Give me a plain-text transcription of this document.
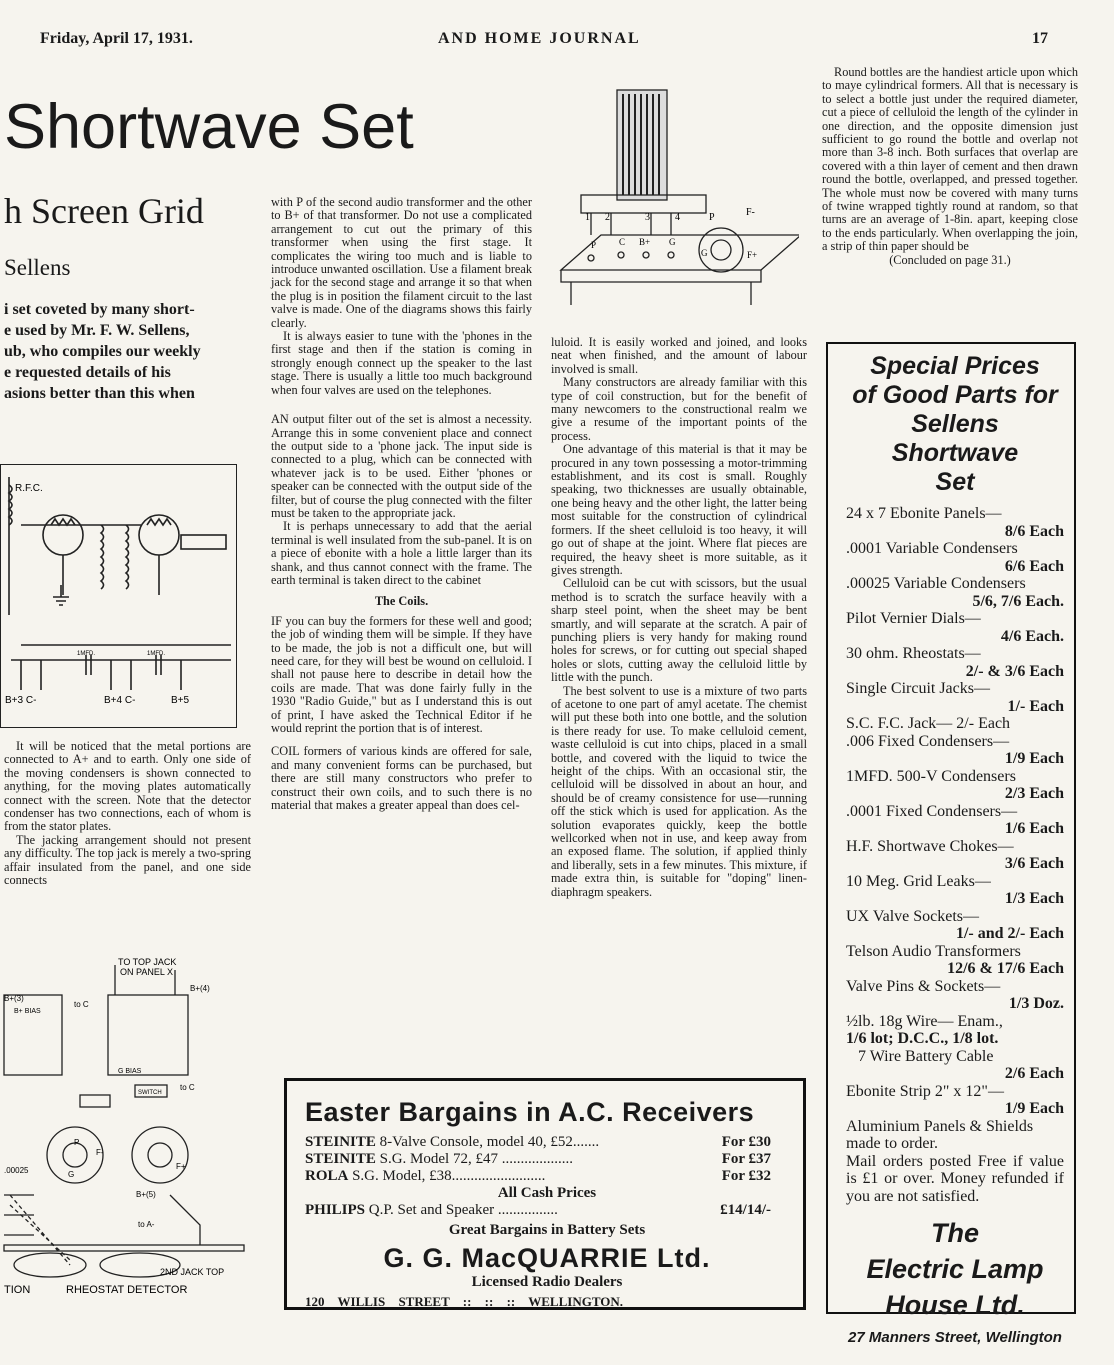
Friday, April 17, 1931.	AND HOME JOURNAL	17
Shortwave Set
h Screen Grid
Sellens
i set coveted by many short-
e used by Mr. F. W. Sellens,
ub, who compiles our weekly
e requested details of his
asions better than this when
R.F.C.
B+3 C-	B+4 C-	B+5
1MFD.	1MFD.

It will be noticed that the metal portions are connected to A+ and to earth. Only one side of the moving condensers is shown connected to anything, for the moving plates automatically connect with the screen. Note that the detector condenser has two connections, each of whom is from the stator plates.

The jacking arrangement should not present any difficulty. The top jack is merely a two-spring affair insulated from the panel, and one side connects

TO TOP JACK
ON PANEL X
B+(3)
B+(4)
to C
B+ BIAS
G BIAS
to C
B+(5)
to A-
2ND JACK TOP
TION	RHEOSTAT DETECTOR
.00025
SWITCH
P
F-
F+
G

with P of the second audio transformer and the other to B+ of that transformer. Do not use a complicated arrangement to cut out the primary of this transformer when using the first stage. It complicates the wiring too much and is liable to introduce unwanted oscillation. Use a filament break jack for the second stage and arrange it so that when the plug is in position the filament circuit to the last valve is made. One of the diagrams shows this fairly clearly.

It is always easier to tune with the 'phones in the first stage and then if the station is coming in strongly enough connect up the speaker to the last stage. There is usually a little too much background when four valves are used on the telephones.

AN output filter out of the set is almost a necessity. Arrange this in some convenient place and connect the output side to a 'phone jack. The input side is connected to a plug, which can be connected with whatever jack is to be used. Either 'phones or speaker can be connected with the output side of the filter, but of course the plug connected with the filter must be taken to the appropriate jack.

It is perhaps unnecessary to add that the aerial terminal is well insulated from the sub-panel. It is on a piece of ebonite with a hole a little larger than its shank, and thus cannot connect with the frame. The earth terminal is taken direct to the cabinet

The Coils.

IF you can buy the formers for these well and good; the job of winding them will be simple. If they have to be made, the job is not a difficult one, but will need care, for they will best be wound on celluloid. I shall not pause here to describe in detail how the coils are made. That was done fairly fully in the 1930 "Radio Guide," but as I understand this is out of print, I have asked the Technical Editor if he would reprint the portion that is of interest.

COIL formers of various kinds are offered for sale, and many convenient forms can be purchased, but there are still many constructors who prefer to construct their own coils, and to such there is no material that makes a greater appeal than does cel-

1 2	3	4	P	F-
P	C B+ G
G	F+

luloid. It is easily worked and joined, and looks neat when finished, and the amount of labour involved is small.

Many constructors are already familiar with this type of coil construction, but for the benefit of many newcomers to the constructional realm we give a resume of the important points of the process.

One advantage of this material is that it may be procured in any town possessing a motor-trimming establishment, and its cost is small. Roughly speaking, two thicknesses are usually obtainable, one being heavy and the other light, the latter being most suitable for the construction of cylindrical formers. If the sheet celluloid is too heavy, it will go out of shape at the joint. Where flat pieces are required, the heavy sheet is more suitable, as it gives strength.

Celluloid can be cut with scissors, but the usual method is to scratch the surface heavily with a sharp steel point, when the sheet may be bent smartly, and will separate at the scratch. A pair of punching pliers is very handy for making round holes for screws, or for cutting out special shaped holes or slots, cutting away the celluloid little by little with the punch.

The best solvent to use is a mixture of two parts of acetone to one part of amyl acetate. The chemist will put these both into one bottle, and the solution is there ready for use. To make celluloid cement, waste celluloid is cut into chips, placed in a small bottle, and covered with the liquid to twice the height of the chips. With an occasional stir, the celluloid will be dissolved in about an hour, and should be of creamy consistence for use—running off the stick which is used for application. As the solution evaporates quickly, keep the bottle wellcorked when not in use, and keep away from an exposed flame. The solution, if applied thinly and liberally, sets in a few minutes. This mixture, if made extra thin, is suitable for "doping" linen-diaphragm speakers.

Round bottles are the handiest article upon which to maye cylindrical formers. All that is necessary is to select a bottle just under the required diameter, cut a piece of celluloid the length of the cylinder in one direction, and the opposite dimension just sufficient to go round the bottle and overlap not more than 3-8 inch. Both surfaces that overlap are covered with a thin layer of cement and then drawn round the bottle, overlapped, and pressed together. The whole must now be covered with many turns of twine wrapped tightly round at random, so that turns are an average of 1-8in. apart, keeping close to the ends particularly. When overlapping the join, a strip of thin paper should be

(Concluded on page 31.)
Special Prices
of Good Parts for
Sellens Shortwave
Set
24 x 7 Ebonite Panels—
8/6 Each
.0001 Variable Condensers
6/6 Each
.00025 Variable Condensers
5/6, 7/6 Each.
Pilot Vernier Dials—
4/6 Each.
30 ohm. Rheostats—
2/- & 3/6 Each
Single Circuit Jacks—
1/- Each
S.C. F.C. Jack— 2/- Each
.006 Fixed Condensers—
1/9 Each
1MFD. 500-V Condensers
2/3 Each
.0001 Fixed Condensers—
1/6 Each
H.F. Shortwave Chokes—
3/6 Each
10 Meg. Grid Leaks—
1/3 Each
UX Valve Sockets—
1/- and 2/- Each
Telson Audio Transformers
12/6 & 17/6 Each
Valve Pins & Sockets—
1/3 Doz.
½lb. 18g Wire— Enam.,
1/6 lot; D.C.C., 1/8 lot.
7 Wire Battery Cable
2/6 Each
Ebonite Strip 2" x 12"—
1/9 Each
Aluminium Panels & Shields made to order.
Mail orders posted Free if value is £1 or over. Money refunded if you are not satisfied.
The
Electric Lamp
House Ltd.
27 Manners Street, Wellington
Easter Bargains in A.C. Receivers
STEINITE 8-Valve Console, model 40, £52.......	For £30
STEINITE S.G. Model 72, £47 ...................	For £37
ROLA S.G. Model, £38.........................	For £32
All Cash Prices
PHILIPS Q.P. Set and Speaker ................	£14/14/-
Great Bargains in Battery Sets
G. G. MacQUARRIE Ltd.
Licensed Radio Dealers
120 WILLIS STREET :: :: :: WELLINGTON.
